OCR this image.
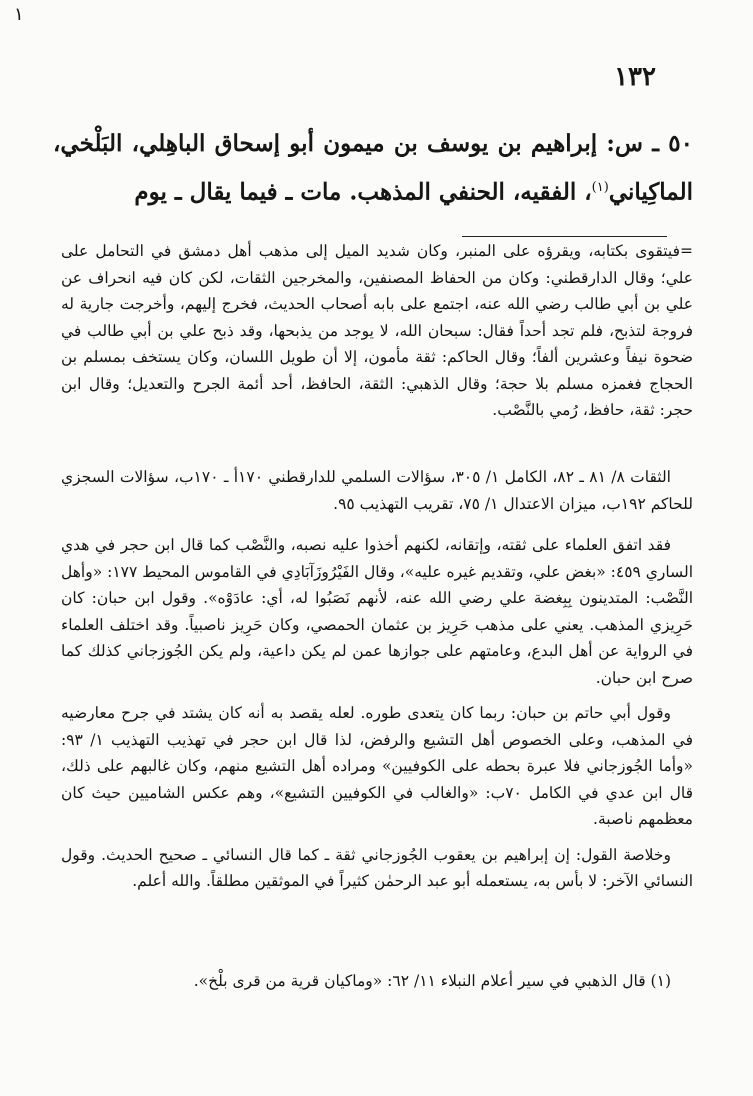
١
١٣٢
٥٠ ـ س: إبراهيم بن يوسف بن ميمون أبو إسحاق الباهِلي، البَلْخي، الماكِياني$^{(١)}$، الفقيه، الحنفي المذهب. مات ـ فيما يقال ـ يوم

=فيتقوى بكتابه، ويقرؤه على المنبر، وكان شديد الميل إلى مذهب أهل دمشق في التحامل على علي؛ وقال الدارقطني: وكان من الحفاظ المصنفين، والمخرجين الثقات، لكن كان فيه انحراف عن علي بن أبي طالب رضي الله عنه، اجتمع على بابه أصحاب الحديث، فخرج إليهم، وأخرجت جارية له فروجة لتذبح، فلم تجد أحداً فقال: سبحان الله، لا يوجد من يذبحها، وقد ذبح علي بن أبي طالب في ضحوة نيفاً وعشرين ألفاً؛ وقال الحاكم: ثقة مأمون، إلا أن طويل اللسان، وكان يستخف بمسلم بن الحجاج فغمزه مسلم بلا حجة؛ وقال الذهبي: الثقة، الحافظ، أحد أئمة الجرح والتعديل؛ وقال ابن حجر: ثقة، حافظ، رُمي بالنَّصْب.

الثقات ٨/ ٨١ ـ ٨٢، الكامل ١/ ٣٠٥، سؤالات السلمي للدارقطني ١٧٠أ ـ ١٧٠ب، سؤالات السجزي للحاكم ١٩٢ب، ميزان الاعتدال ١/ ٧٥، تقريب التهذيب ٩٥.

فقد اتفق العلماء على ثقته، وإتقانه، لكنهم أخذوا عليه نصبه، والنَّصْب كما قال ابن حجر في هدي الساري ٤٥٩: «بغض علي، وتقديم غيره عليه»، وقال الفَيْرُوزَآبَادِي في القاموس المحيط ١٧٧: «وأهل النَّصْب: المتدينون بِبِغضة علي رضي الله عنه، لأنهم نَصَبُوا له، أي: عادَوْه». وقول ابن حبان: كان حَرِيزي المذهب. يعني على مذهب حَرِيز بن عثمان الحمصي، وكان حَرِيز ناصبياً. وقد اختلف العلماء في الرواية عن أهل البدع، وعامتهم على جوازها عمن لم يكن داعية، ولم يكن الجُوزجاني كذلك كما صرح ابن حبان.

وقول أبي حاتم بن حبان: ربما كان يتعدى طوره. لعله يقصد به أنه كان يشتد في جرح معارضيه في المذهب، وعلى الخصوص أهل التشيع والرفض، لذا قال ابن حجر في تهذيب التهذيب ١/ ٩٣: «وأما الجُوزجاني فلا عبرة بحطه على الكوفيين» ومراده أهل التشيع منهم، وكان غالبهم على ذلك، قال ابن عدي في الكامل ٧٠ب: «والغالب في الكوفيين التشيع»، وهم عكس الشاميين حيث كان معظمهم ناصبة.

وخلاصة القول: إن إبراهيم بن يعقوب الجُوزجاني ثقة ـ كما قال النسائي ـ صحيح الحديث. وقول النسائي الآخر: لا بأس به، يستعمله أبو عبد الرحمٰن كثيراً في الموثقين مطلقاً. والله أعلم.

(١) قال الذهبي في سير أعلام النبلاء ١١/ ٦٢: «وماكيان قرية من قرى بلْخ».
